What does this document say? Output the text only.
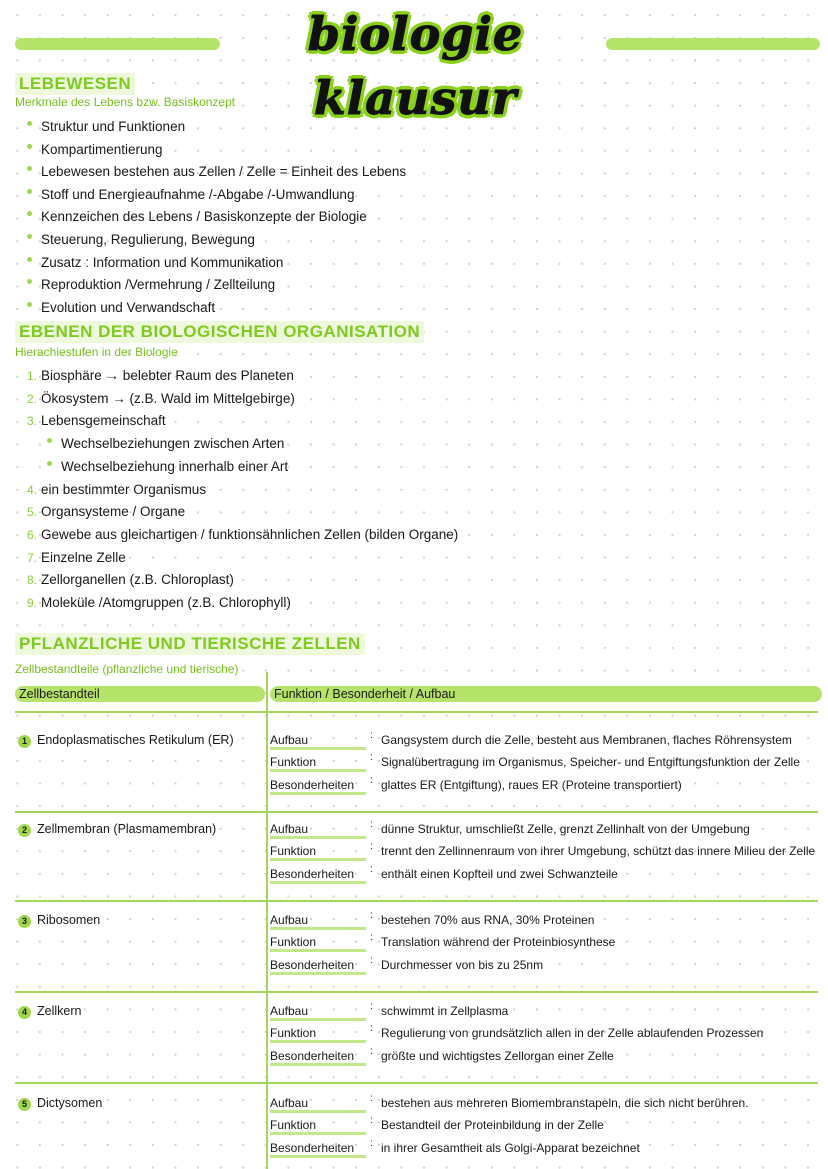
biologie klausur
LEBEWESEN
Merkmale des Lebens bzw. Basiskonzept
Struktur und Funktionen
Kompartimentierung
Lebewesen bestehen aus Zellen / Zelle = Einheit des Lebens
Stoff und Energieaufnahme /-Abgabe /-Umwandlung
Kennzeichen des Lebens / Basiskonzepte der Biologie
Steuerung, Regulierung, Bewegung
Zusatz : Information und Kommunikation
Reproduktion /Vermehrung / Zellteilung
Evolution und Verwandschaft
EBENEN DER BIOLOGISCHEN ORGANISATION
Hierachiestufen in der Biologie
1. Biosphäre → belebter Raum des Planeten
2. Ökosystem → (z.B. Wald im Mittelgebirge)
3. Lebensgemeinschaft
Wechselbeziehungen zwischen Arten
Wechselbeziehung innerhalb einer Art
4. ein bestimmter Organismus
5. Organsysteme / Organe
6. Gewebe aus gleichartigen / funktionsähnlichen Zellen (bilden Organe)
7. Einzelne Zelle
8. Zellorganellen (z.B. Chloroplast)
9. Moleküle /Atomgruppen (z.B. Chlorophyll)
PFLANZLICHE UND TIERISCHE ZELLEN
Zellbestandteile (pflanzliche und tierische)
Zellbestandteil	Funktion / Besonderheit / Aufbau
1 Endoplasmatisches Retikulum (ER)	Aufbau	: Gangsystem durch die Zelle, besteht aus Membranen, flaches Röhrensystem
Funktion	: Signalübertragung im Organismus, Speicher- und Entgiftungsfunktion der Zelle
Besonderheiten	: glattes ER (Entgiftung), raues ER (Proteine transportiert)
2 Zellmembran (Plasmamembran)	Aufbau	: dünne Struktur, umschließt Zelle, grenzt Zellinhalt von der Umgebung
Funktion	: trennt den Zellinnenraum von ihrer Umgebung, schützt das innere Milieu der Zelle
Besonderheiten	: enthält einen Kopfteil und zwei Schwanzteile
3 Ribosomen	Aufbau	: bestehen 70% aus RNA, 30% Proteinen
Funktion	: Translation während der Proteinbiosynthese
Besonderheiten	: Durchmesser von bis zu 25nm
4 Zellkern	Aufbau	: schwimmt in Zellplasma
Funktion	: Regulierung von grundsätzlich allen in der Zelle ablaufenden Prozessen
Besonderheiten	: größte und wichtigstes Zellorgan einer Zelle
5 Dictysomen	Aufbau	: bestehen aus mehreren Biomembranstapeln, die sich nicht berühren.
Funktion	: Bestandteil der Proteinbildung in der Zelle
Besonderheiten	: in ihrer Gesamtheit als Golgi-Apparat bezeichnet
